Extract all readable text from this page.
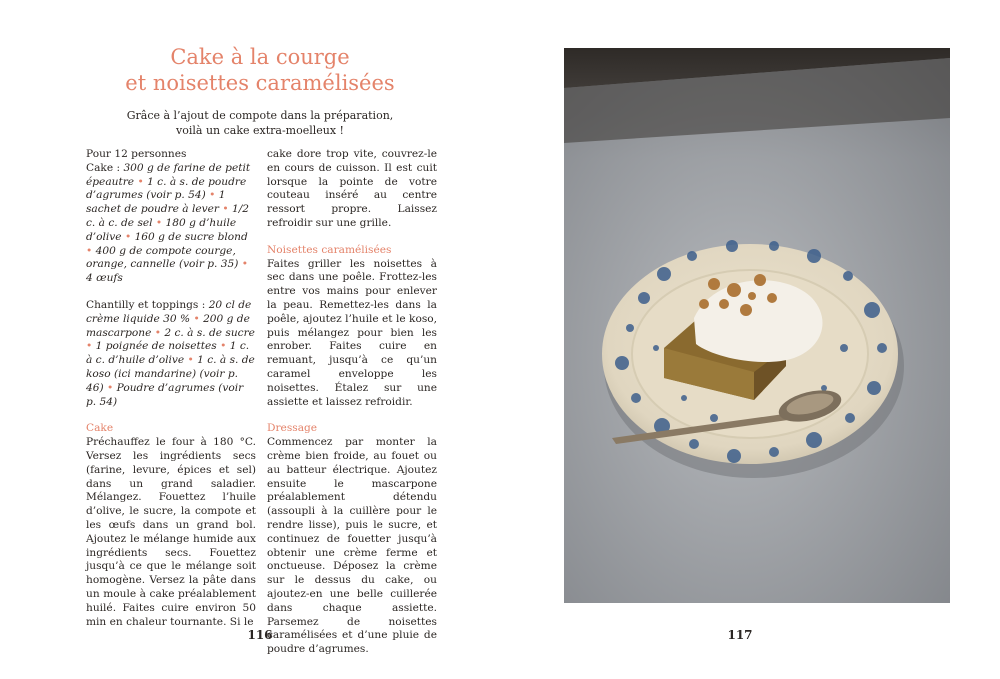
Cake à la courge
et noisettes caramélisées

Grâce à l’ajout de compote dans la préparation,
voilà un cake extra-moelleux !

Pour 12 personnes

Cake : 300 g de farine de petit épeautre • 1 c. à s. de poudre d’agrumes (voir p. 54) • 1 sachet de poudre à lever • 1/2 c. à c. de sel • 180 g d’huile d’olive • 160 g de sucre blond • 400 g de compote courge, orange, cannelle (voir p. 35) • 4 œufs

Chantilly et toppings : 20 cl de crème liquide 30 % • 200 g de mascarpone • 2 c. à s. de sucre • 1 poignée de noisettes • 1 c. à c. d’huile d’olive • 1 c. à s. de koso (ici mandarine) (voir p. 46) • Poudre d’agrumes (voir p. 54)

Cake

Préchauffez le four à 180 °C. Versez les ingrédients secs (farine, levure, épices et sel) dans un grand saladier. Mélangez. Fouettez l’huile d’olive, le sucre, la compote et les œufs dans un grand bol. Ajoutez le mélange humide aux ingrédients secs. Fouettez jusqu’à ce que le mélange soit homogène. Versez la pâte dans un moule à cake préalablement huilé. Faites cuire environ 50 min en chaleur tournante. Si le

cake dore trop vite, couvrez-le en cours de cuisson. Il est cuit lorsque la pointe de votre couteau inséré au centre ressort propre. Laissez refroidir sur une grille.

Noisettes caramélisées

Faites griller les noisettes à sec dans une poêle. Frottez-les entre vos mains pour enlever la peau. Remettez-les dans la poêle, ajoutez l’huile et le koso, puis mélangez pour bien les enrober. Faites cuire en remuant, jusqu’à ce qu’un caramel enveloppe les noisettes. Étalez sur une assiette et laissez refroidir.

Dressage

Commencez par monter la crème bien froide, au fouet ou au batteur électrique. Ajoutez ensuite le mascarpone préalablement détendu (assoupli à la cuillère pour le rendre lisse), puis le sucre, et continuez de fouetter jusqu’à obtenir une crème ferme et onctueuse. Déposez la crème sur le dessus du cake, ou ajoutez-en une belle cuillerée dans chaque assiette. Parsemez de noisettes caramélisées et d’une pluie de poudre d’agrumes.

116	117
